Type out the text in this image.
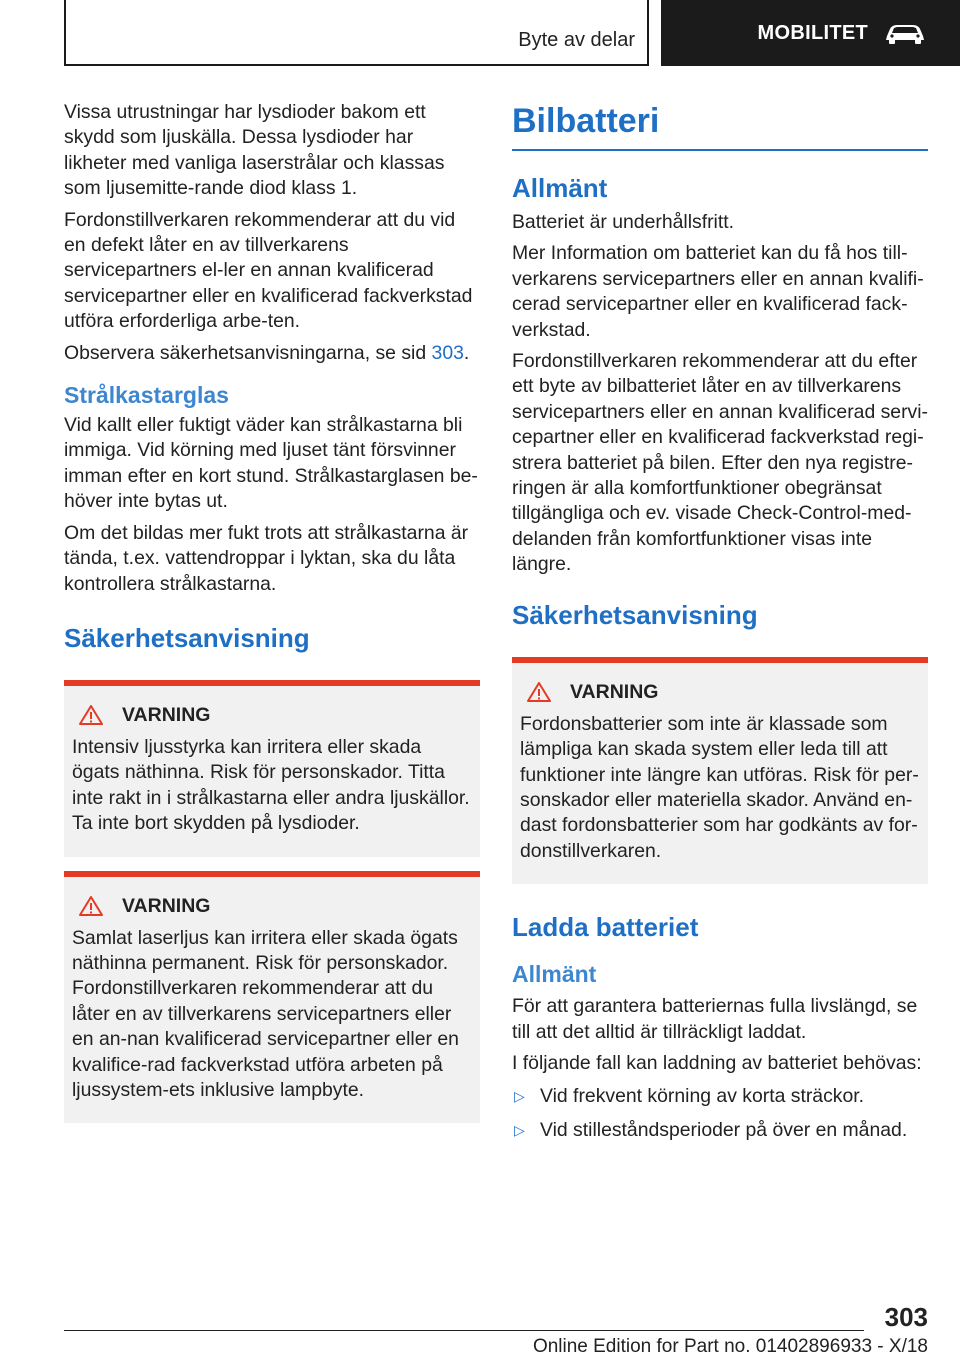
Byte av delar	MOBILITET

Vissa utrustningar har lysdioder bakom ett skydd som ljuskälla. Dessa lysdioder har likheter med vanliga laserstrålar och klassas som ljusemitte-rande diod klass 1.

Fordonstillverkaren rekommenderar att du vid en defekt låter en av tillverkarens servicepartners el-ler en annan kvalificerad servicepartner eller en kvalificerad fackverkstad utföra erforderliga arbe-ten.

Observera säkerhetsanvisningarna, se sid 303.

Strålkastarglas

Vid kallt eller fuktigt väder kan strålkastarna bli immiga. Vid körning med ljuset tänt försvinner imman efter en kort stund. Strålkastarglasen be-höver inte bytas ut.

Om det bildas mer fukt trots att strålkastarna är tända, t.ex. vattendroppar i lyktan, ska du låta kontrollera strålkastarna.

Säkerhetsanvisning
VARNING

Intensiv ljusstyrka kan irritera eller skada ögats näthinna. Risk för personskador. Titta inte rakt in i strålkastarna eller andra ljuskällor. Ta inte bort skydden på lysdioder.

VARNING

Samlat laserljus kan irritera eller skada ögats näthinna permanent. Risk för personskador. Fordonstillverkaren rekommenderar att du låter en av tillverkarens servicepartners eller en an-nan kvalificerad servicepartner eller en kvalifice-rad fackverkstad utföra arbeten på ljussystem-ets inklusive lampbyte.

Bilbatteri
Allmänt

Batteriet är underhållsfritt.

Mer Information om batteriet kan du få hos till-verkarens servicepartners eller en annan kvalifi-cerad servicepartner eller en kvalificerad fack-verkstad.

Fordonstillverkaren rekommenderar att du efter ett byte av bilbatteriet låter en av tillverkarens servicepartners eller en annan kvalificerad servi-cepartner eller en kvalificerad fackverkstad regi-strera batteriet på bilen. Efter den nya registre-ringen är alla komfortfunktioner obegränsat tillgängliga och ev. visade Check-Control-med-delanden från komfortfunktioner visas inte längre.

Säkerhetsanvisning
VARNING

Fordonsbatterier som inte är klassade som lämpliga kan skada system eller leda till att funktioner inte längre kan utföras. Risk för per-sonskador eller materiella skador. Använd en-dast fordonsbatterier som har godkänts av for-donstillverkaren.

Ladda batteriet
Allmänt

För att garantera batteriernas fulla livslängd, se till att det alltid är tillräckligt laddat.

I följande fall kan laddning av batteriet behövas:

▷ Vid frekvent körning av korta sträckor.
▷ Vid stilleståndsperioder på över en månad.
303
Online Edition for Part no. 01402896933 - X/18
